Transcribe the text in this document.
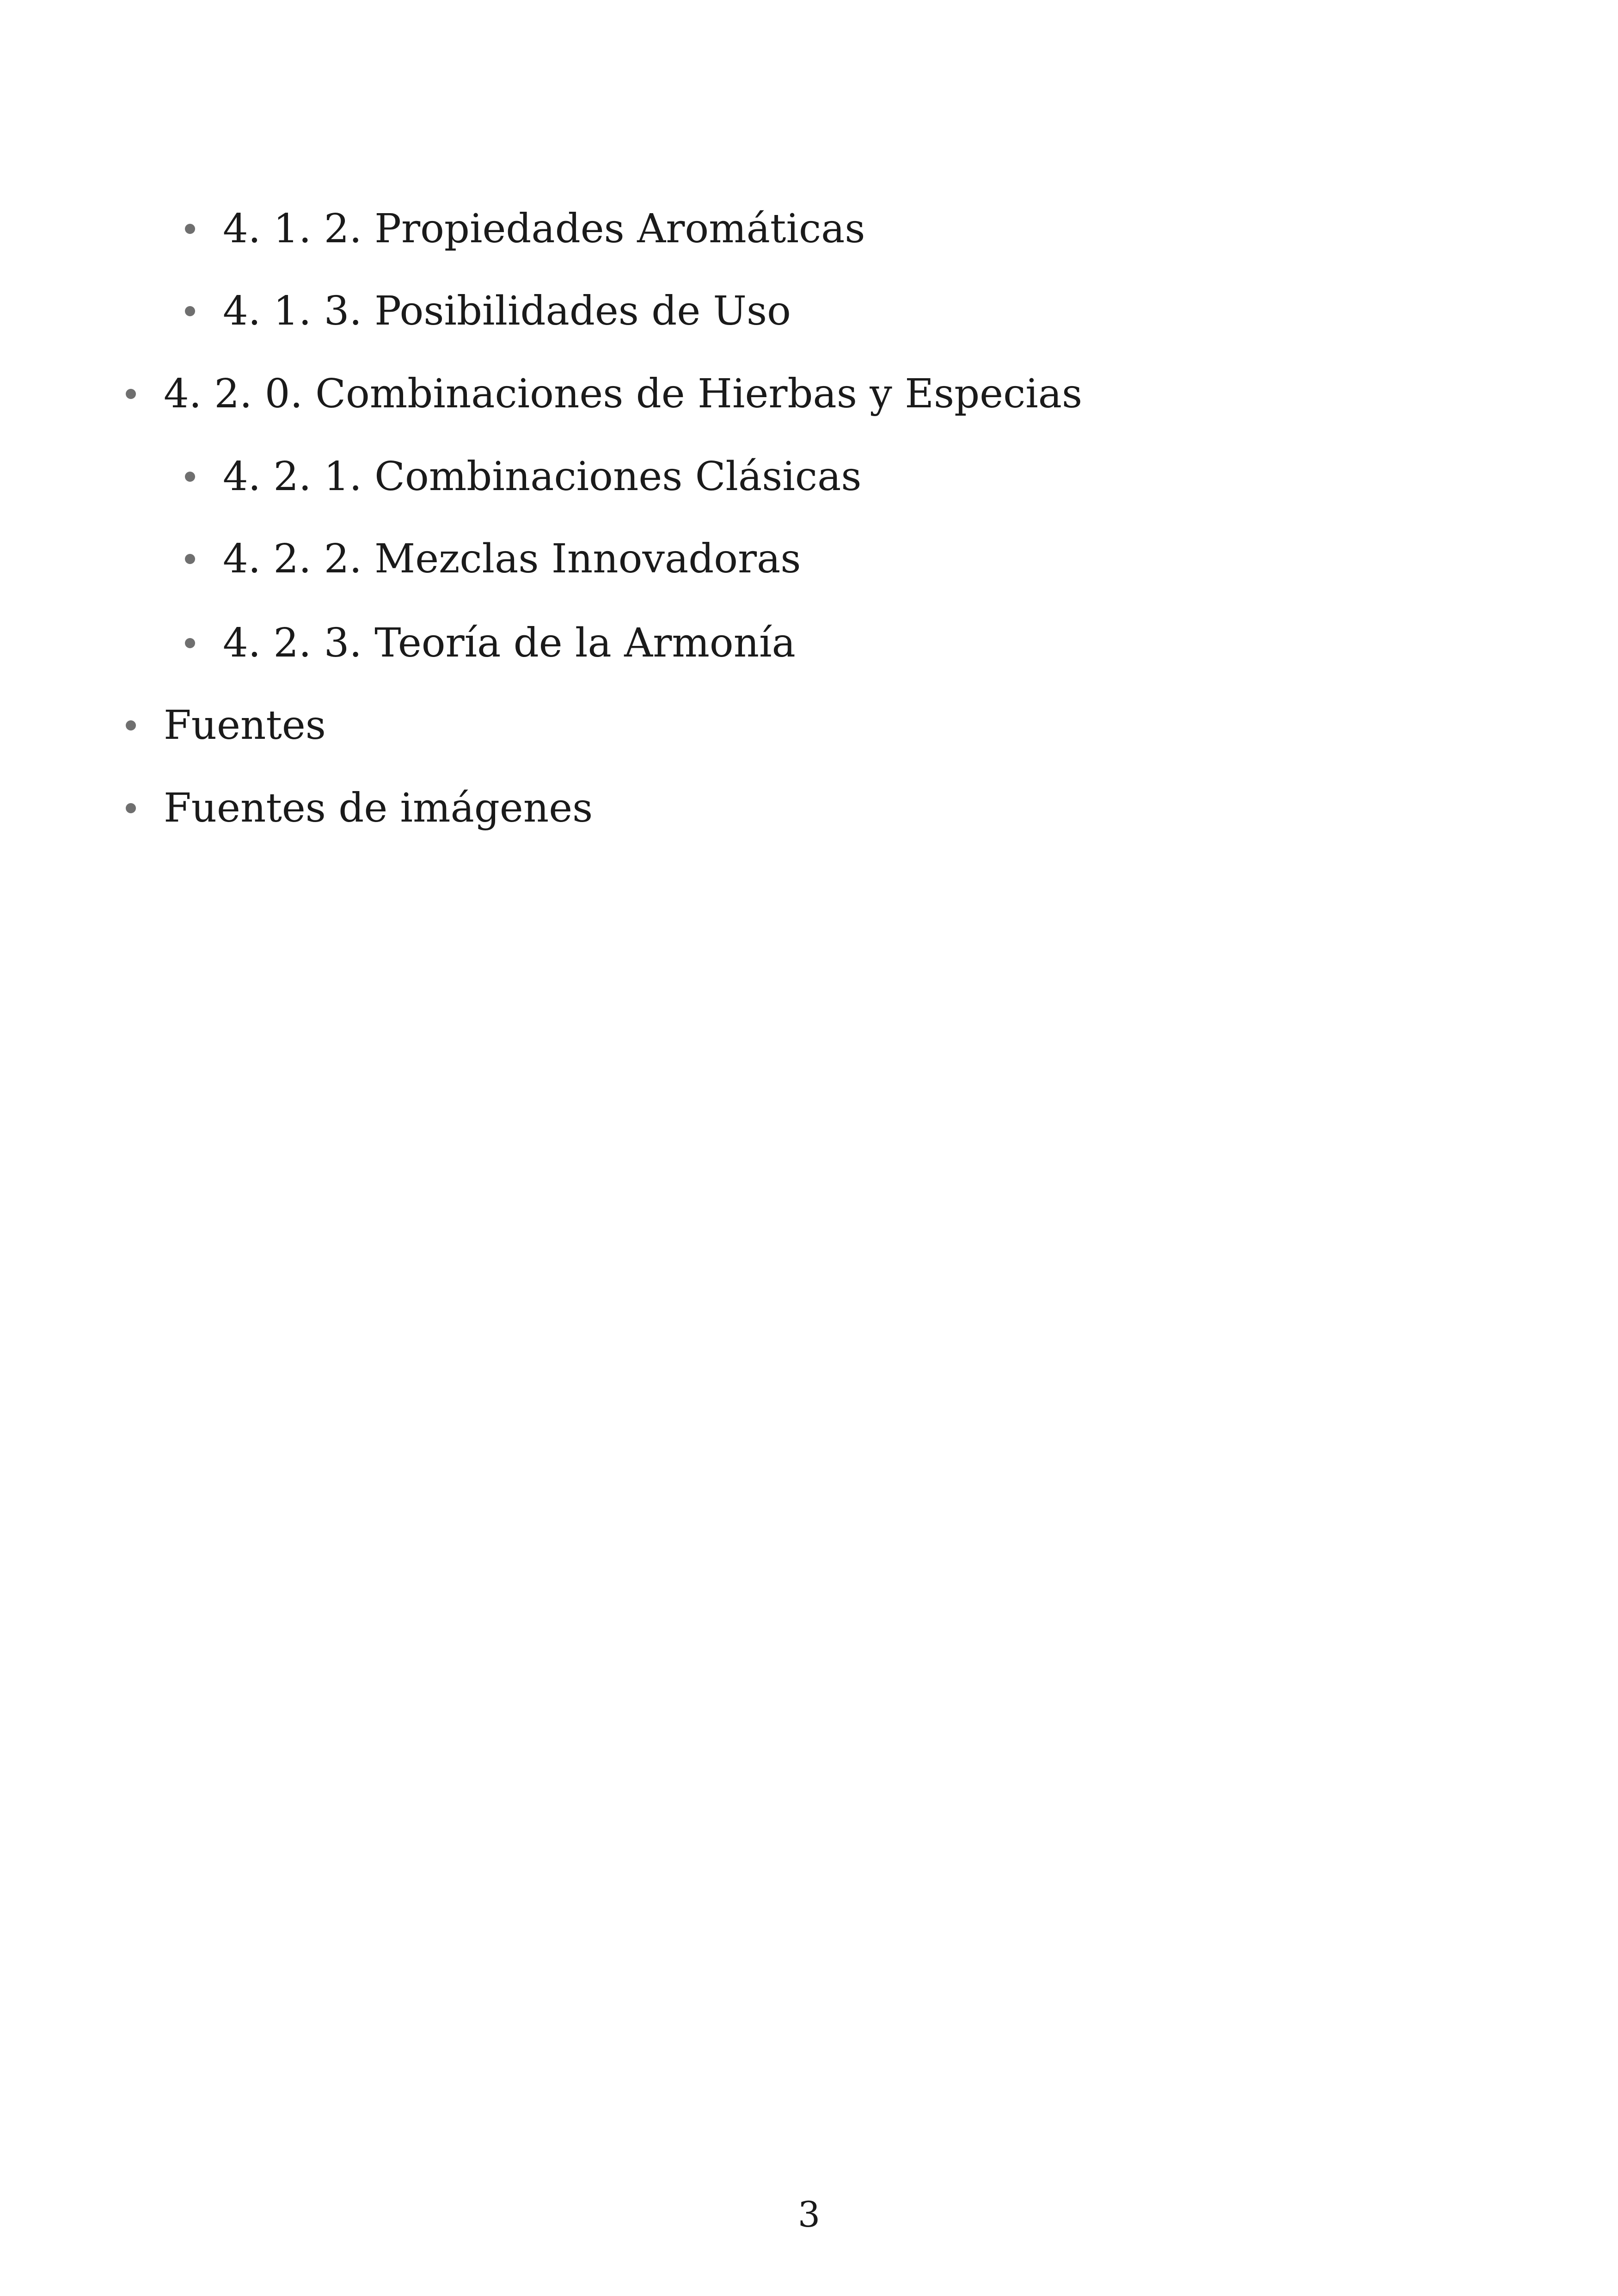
4. 1. 2. Propiedades Aromáticas
4. 1. 3. Posibilidades de Uso
4. 2. 0. Combinaciones de Hierbas y Especias
4. 2. 1. Combinaciones Clásicas
4. 2. 2. Mezclas Innovadoras
4. 2. 3. Teoría de la Armonía
Fuentes
Fuentes de imágenes
3
